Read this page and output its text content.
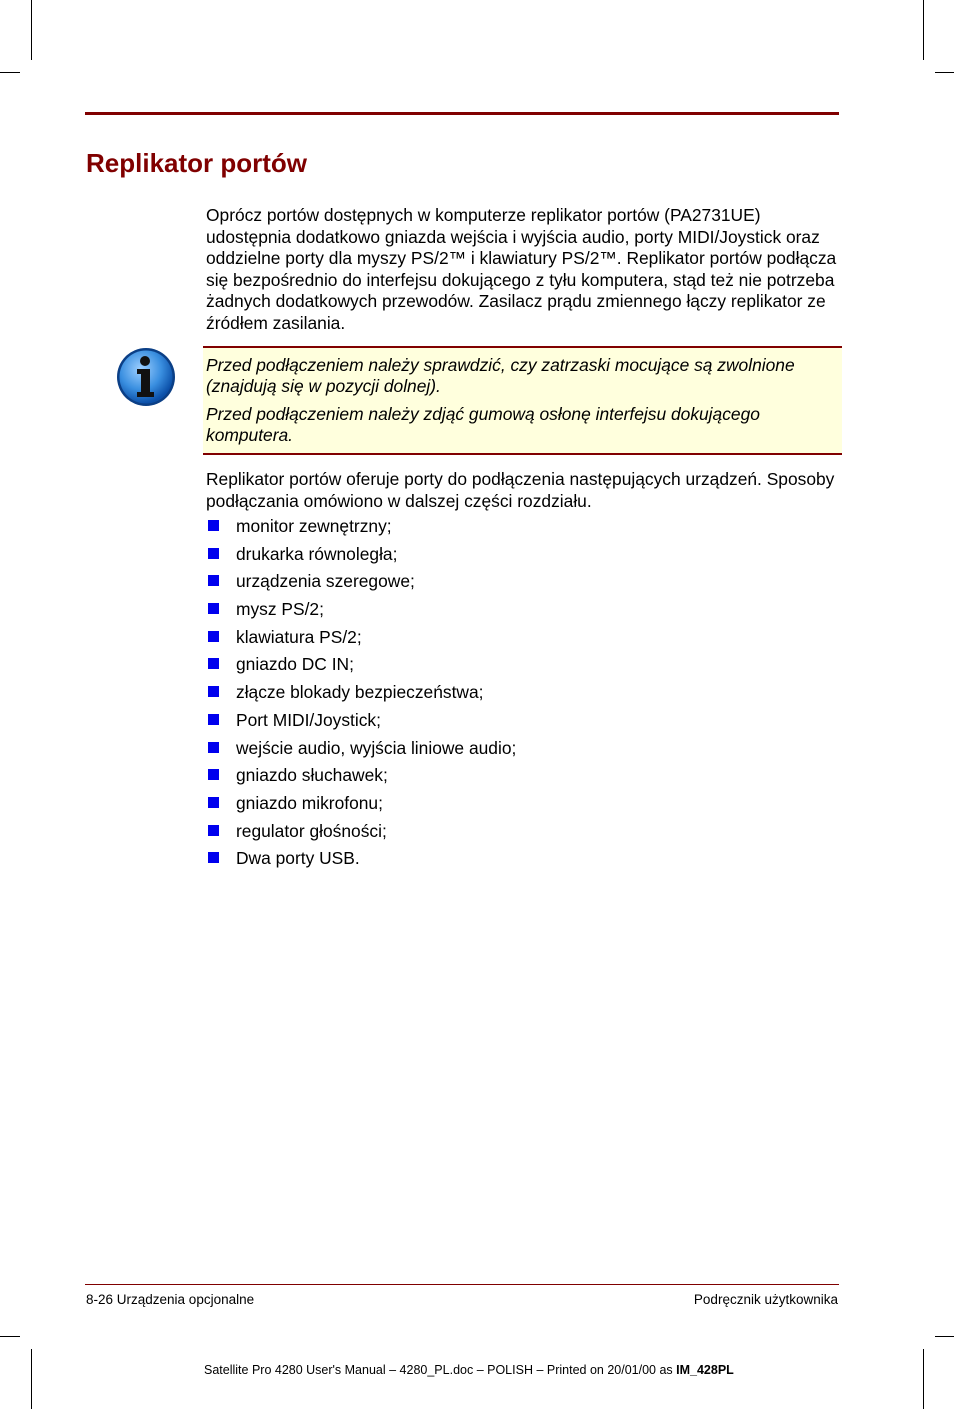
Replikator portów

Oprócz portów dostępnych w komputerze replikator portów (PA2731UE) udostępnia dodatkowo gniazda wejścia i wyjścia audio, porty MIDI/Joystick oraz oddzielne porty dla myszy PS/2™ i klawiatury PS/2™. Replikator portów podłącza się bezpośrednio do interfejsu dokującego z tyłu komputera, stąd też nie potrzeba żadnych dodatkowych przewodów. Zasilacz prądu zmiennego łączy replikator ze źródłem zasilania.

Przed podłączeniem należy sprawdzić, czy zatrzaski mocujące są zwolnione (znajdują się w pozycji dolnej).

Przed podłączeniem należy zdjąć gumową osłonę interfejsu dokującego komputera.

Replikator portów oferuje porty do podłączenia następujących urządzeń. Sposoby podłączania omówiono w dalszej części rozdziału.

monitor zewnętrzny;
drukarka równoległa;
urządzenia szeregowe;
mysz PS/2;
klawiatura PS/2;
gniazdo DC IN;
złącze blokady bezpieczeństwa;
Port MIDI/Joystick;
wejście audio, wyjścia liniowe audio;
gniazdo słuchawek;
gniazdo mikrofonu;
regulator głośności;
Dwa porty USB.
8-26 Urządzenia opcjonalne	Podręcznik użytkownika
Satellite Pro 4280 User's Manual – 4280_PL.doc – POLISH – Printed on 20/01/00 as IM_428PL
